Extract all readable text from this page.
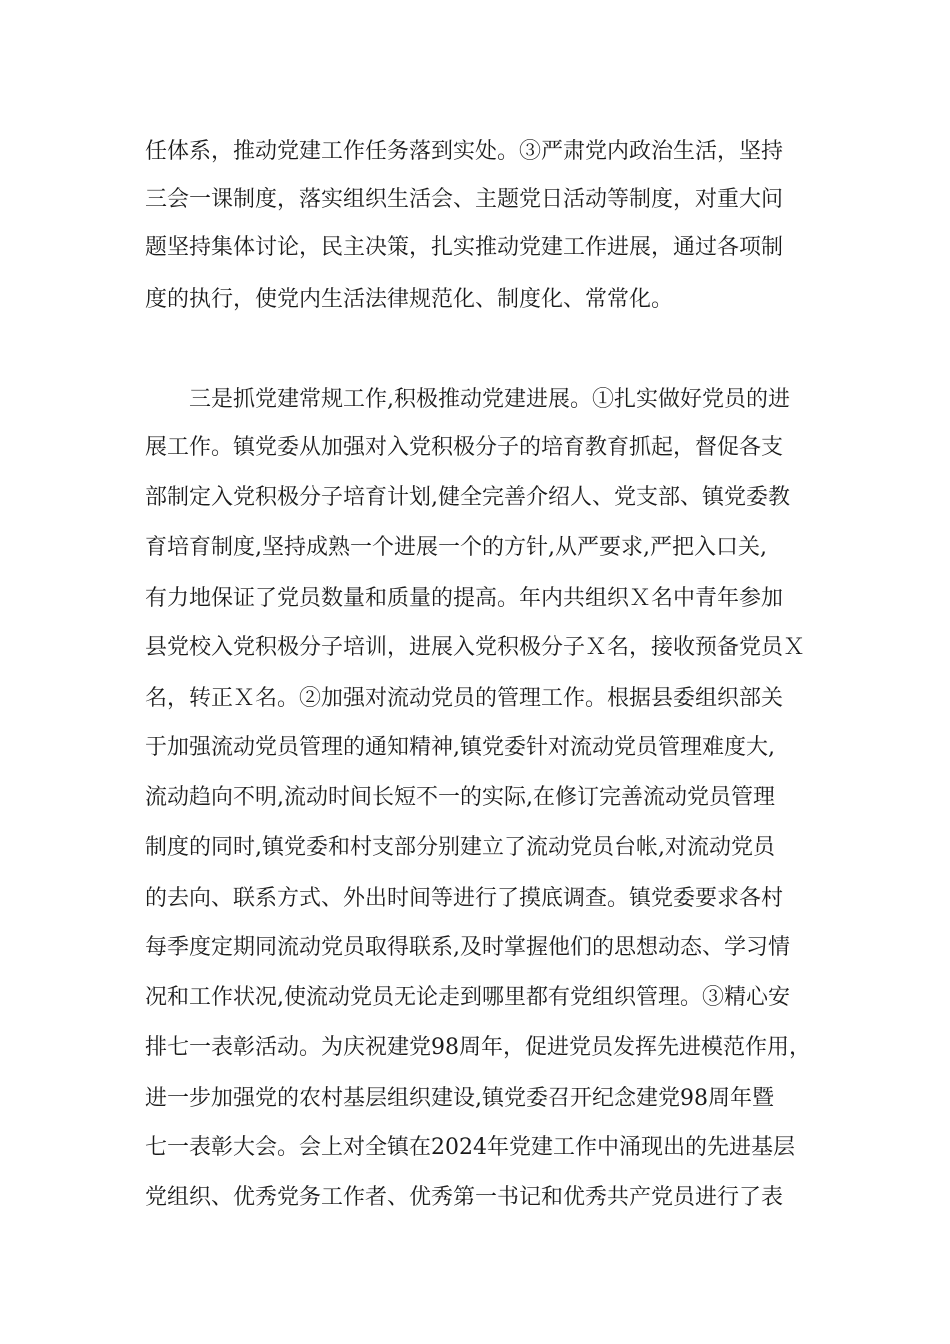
任体系，推动党建工作任务落到实处。③严肃党内政治生活，坚持
三会一课制度，落实组织生活会、主题党日活动等制度，对重大问
题坚持集体讨论，民主决策，扎实推动党建工作进展，通过各项制
度的执行，使党内生活法律规范化、制度化、常常化。
　　三是抓党建常规工作,积极推动党建进展。①扎实做好党员的进
展工作。镇党委从加强对入党积极分子的培育教育抓起，督促各支
部制定入党积极分子培育计划,健全完善介绍人、党支部、镇党委教
育培育制度,坚持成熟一个进展一个的方针,从严要求,严把入口关,
有力地保证了党员数量和质量的提高。年内共组织Ｘ名中青年参加
县党校入党积极分子培训，进展入党积极分子Ｘ名，接收预备党员Ｘ
名，转正Ｘ名。②加强对流动党员的管理工作。根据县委组织部关
于加强流动党员管理的通知精神,镇党委针对流动党员管理难度大,
流动趋向不明,流动时间长短不一的实际,在修订完善流动党员管理
制度的同时,镇党委和村支部分别建立了流动党员台帐,对流动党员
的去向、联系方式、外出时间等进行了摸底调查。镇党委要求各村
每季度定期同流动党员取得联系,及时掌握他们的思想动态、学习情
况和工作状况,使流动党员无论走到哪里都有党组织管理。③精心安
排七一表彰活动。为庆祝建党98周年，促进党员发挥先进模范作用，
进一步加强党的农村基层组织建设,镇党委召开纪念建党98周年暨
七一表彰大会。会上对全镇在2024年党建工作中涌现出的先进基层
党组织、优秀党务工作者、优秀第一书记和优秀共产党员进行了表
